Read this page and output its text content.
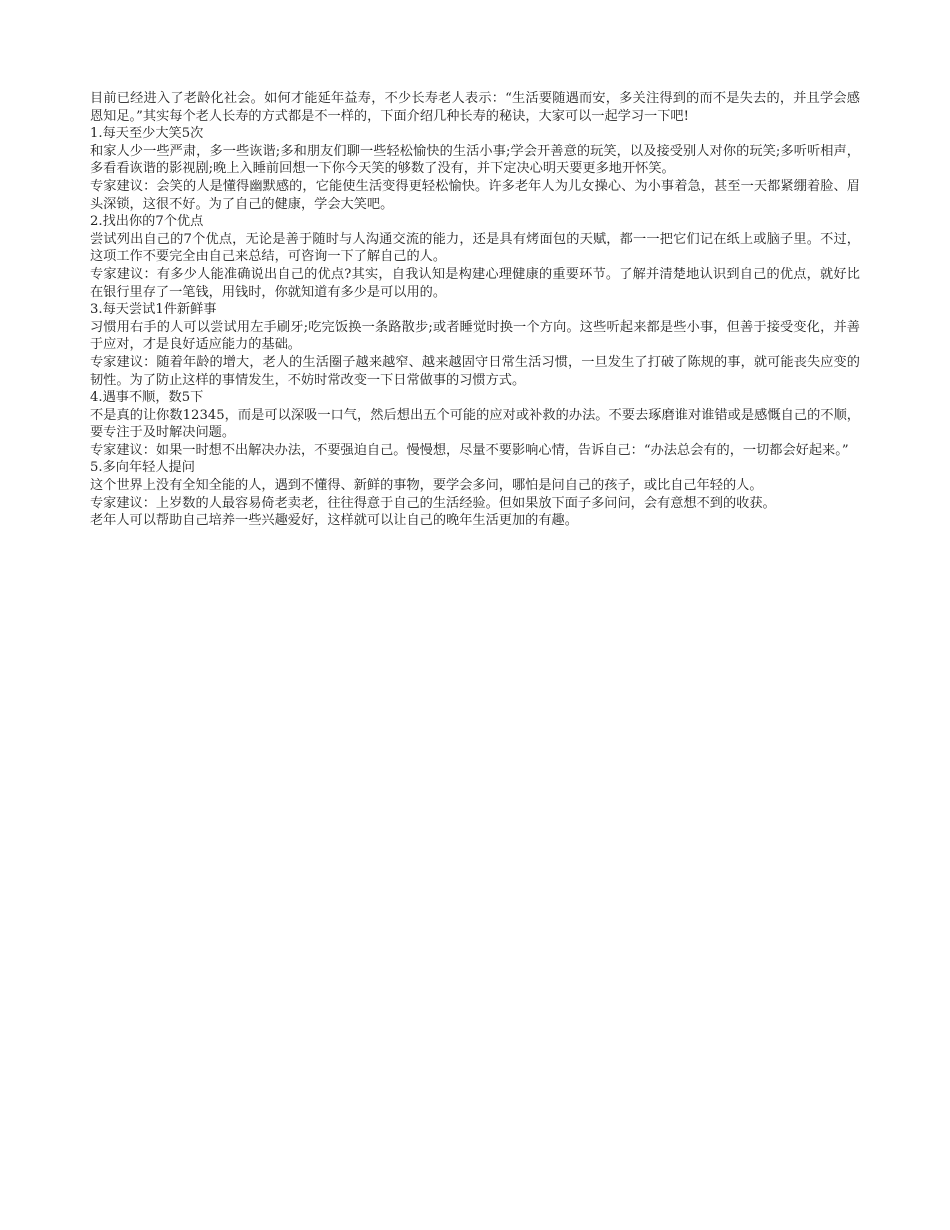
目前已经进入了老龄化社会。如何才能延年益寿，不少长寿老人表示：“生活要随遇而安，多关注得到的而不是失去的，并且学会感恩知足。”其实每个老人长寿的方式都是不一样的，下面介绍几种长寿的秘诀，大家可以一起学习一下吧!

1.每天至少大笑5次

和家人少一些严肃，多一些诙谐;多和朋友们聊一些轻松愉快的生活小事;学会开善意的玩笑，以及接受别人对你的玩笑;多听听相声，多看看诙谐的影视剧;晚上入睡前回想一下你今天笑的够数了没有，并下定决心明天要更多地开怀笑。

专家建议：会笑的人是懂得幽默感的，它能使生活变得更轻松愉快。许多老年人为儿女操心、为小事着急，甚至一天都紧绷着脸、眉头深锁，这很不好。为了自己的健康，学会大笑吧。

2.找出你的7个优点

尝试列出自己的7个优点，无论是善于随时与人沟通交流的能力，还是具有烤面包的天赋，都一一把它们记在纸上或脑子里。不过，这项工作不要完全由自己来总结，可咨询一下了解自己的人。

专家建议：有多少人能准确说出自己的优点?其实，自我认知是构建心理健康的重要环节。了解并清楚地认识到自己的优点，就好比在银行里存了一笔钱，用钱时，你就知道有多少是可以用的。

3.每天尝试1件新鲜事

习惯用右手的人可以尝试用左手刷牙;吃完饭换一条路散步;或者睡觉时换一个方向。这些听起来都是些小事，但善于接受变化，并善于应对，才是良好适应能力的基础。

专家建议：随着年龄的增大，老人的生活圈子越来越窄、越来越固守日常生活习惯，一旦发生了打破了陈规的事，就可能丧失应变的韧性。为了防止这样的事情发生，不妨时常改变一下日常做事的习惯方式。

4.遇事不顺，数5下

不是真的让你数12345，而是可以深吸一口气，然后想出五个可能的应对或补救的办法。不要去琢磨谁对谁错或是感慨自己的不顺，要专注于及时解决问题。

专家建议：如果一时想不出解决办法，不要强迫自己。慢慢想，尽量不要影响心情，告诉自己：“办法总会有的，一切都会好起来。”

5.多向年轻人提问

这个世界上没有全知全能的人，遇到不懂得、新鲜的事物，要学会多问，哪怕是问自己的孩子，或比自己年轻的人。

专家建议：上岁数的人最容易倚老卖老，往往得意于自己的生活经验。但如果放下面子多问问，会有意想不到的收获。

老年人可以帮助自己培养一些兴趣爱好，这样就可以让自己的晚年生活更加的有趣。
